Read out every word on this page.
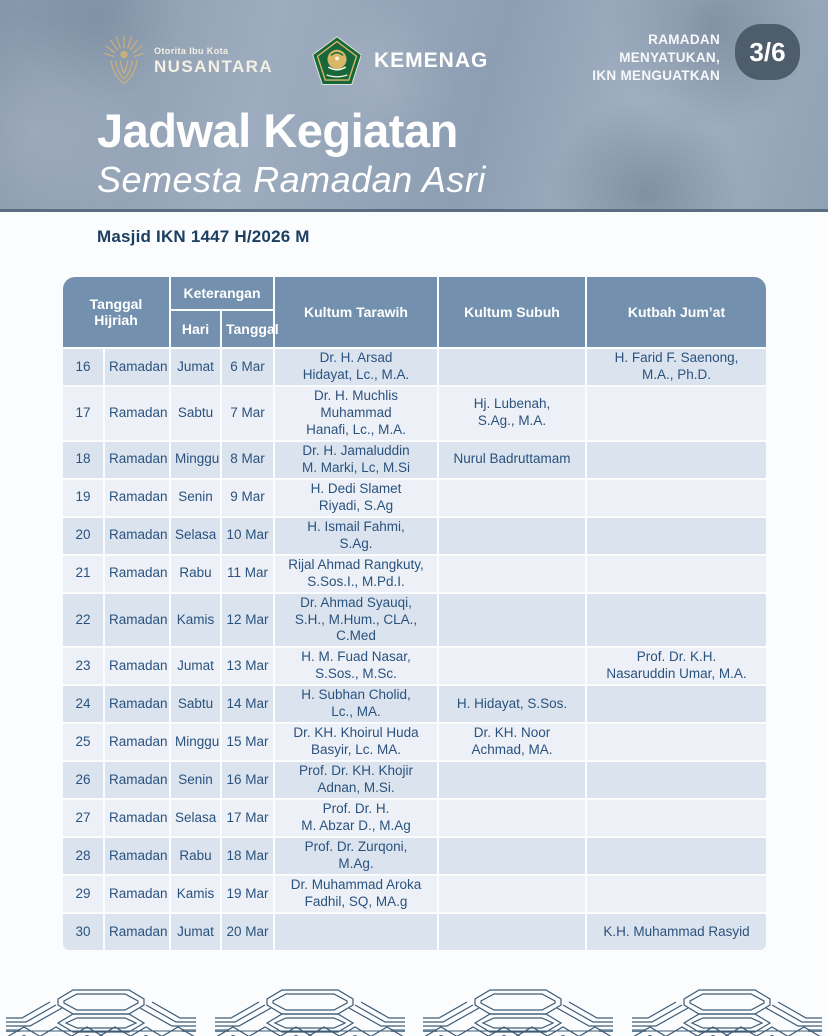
Otorita Ibu Kota
NUSANTARA	KEMENAG
RAMADAN
MENYATUKAN,
IKN MENGUATKAN
3/6
Jadwal Kegiatan
Semesta Ramadan Asri
Masjid IKN 1447 H/2026 M
Tanggal Hijriah		Keterangan		Kultum Tarawih	Kultum Subuh	Kutbah Jum’at
		Hari	Tanggal			
16	Ramadan	Jumat	6 Mar	Dr. H. Arsad
Hidayat, Lc., M.A.		H. Farid F. Saenong,
M.A., Ph.D.
17	Ramadan	Sabtu	7 Mar	Dr. H. Muchlis Muhammad
Hanafi, Lc., M.A.	Hj. Lubenah,
S.Ag., M.A.	
18	Ramadan	Minggu	8 Mar	Dr. H. Jamaluddin
M. Marki, Lc, M.Si	Nurul Badruttamam	
19	Ramadan	Senin	9 Mar	H. Dedi Slamet
Riyadi, S.Ag		
20	Ramadan	Selasa	10 Mar	H. Ismail Fahmi,
S.Ag.		
21	Ramadan	Rabu	11 Mar	Rijal Ahmad Rangkuty,
S.Sos.I., M.Pd.I.		
22	Ramadan	Kamis	12 Mar	Dr. Ahmad Syauqi,
S.H., M.Hum., CLA., C.Med		
23	Ramadan	Jumat	13 Mar	H. M. Fuad Nasar,
S.Sos., M.Sc.		Prof. Dr. K.H.
Nasaruddin Umar, M.A.
24	Ramadan	Sabtu	14 Mar	H. Subhan Cholid,
Lc., MA.	H. Hidayat, S.Sos.	
25	Ramadan	Minggu	15 Mar	Dr. KH. Khoirul Huda
Basyir, Lc. MA.	Dr. KH. Noor
Achmad, MA.	
26	Ramadan	Senin	16 Mar	Prof. Dr. KH. Khojir
Adnan, M.Si.		
27	Ramadan	Selasa	17 Mar	Prof. Dr. H.
M. Abzar D., M.Ag		
28	Ramadan	Rabu	18 Mar	Prof. Dr. Zurqoni,
M.Ag.		
29	Ramadan	Kamis	19 Mar	Dr. Muhammad Aroka
Fadhil, SQ, MA.g		
30	Ramadan	Jumat	20 Mar			K.H. Muhammad Rasyid
